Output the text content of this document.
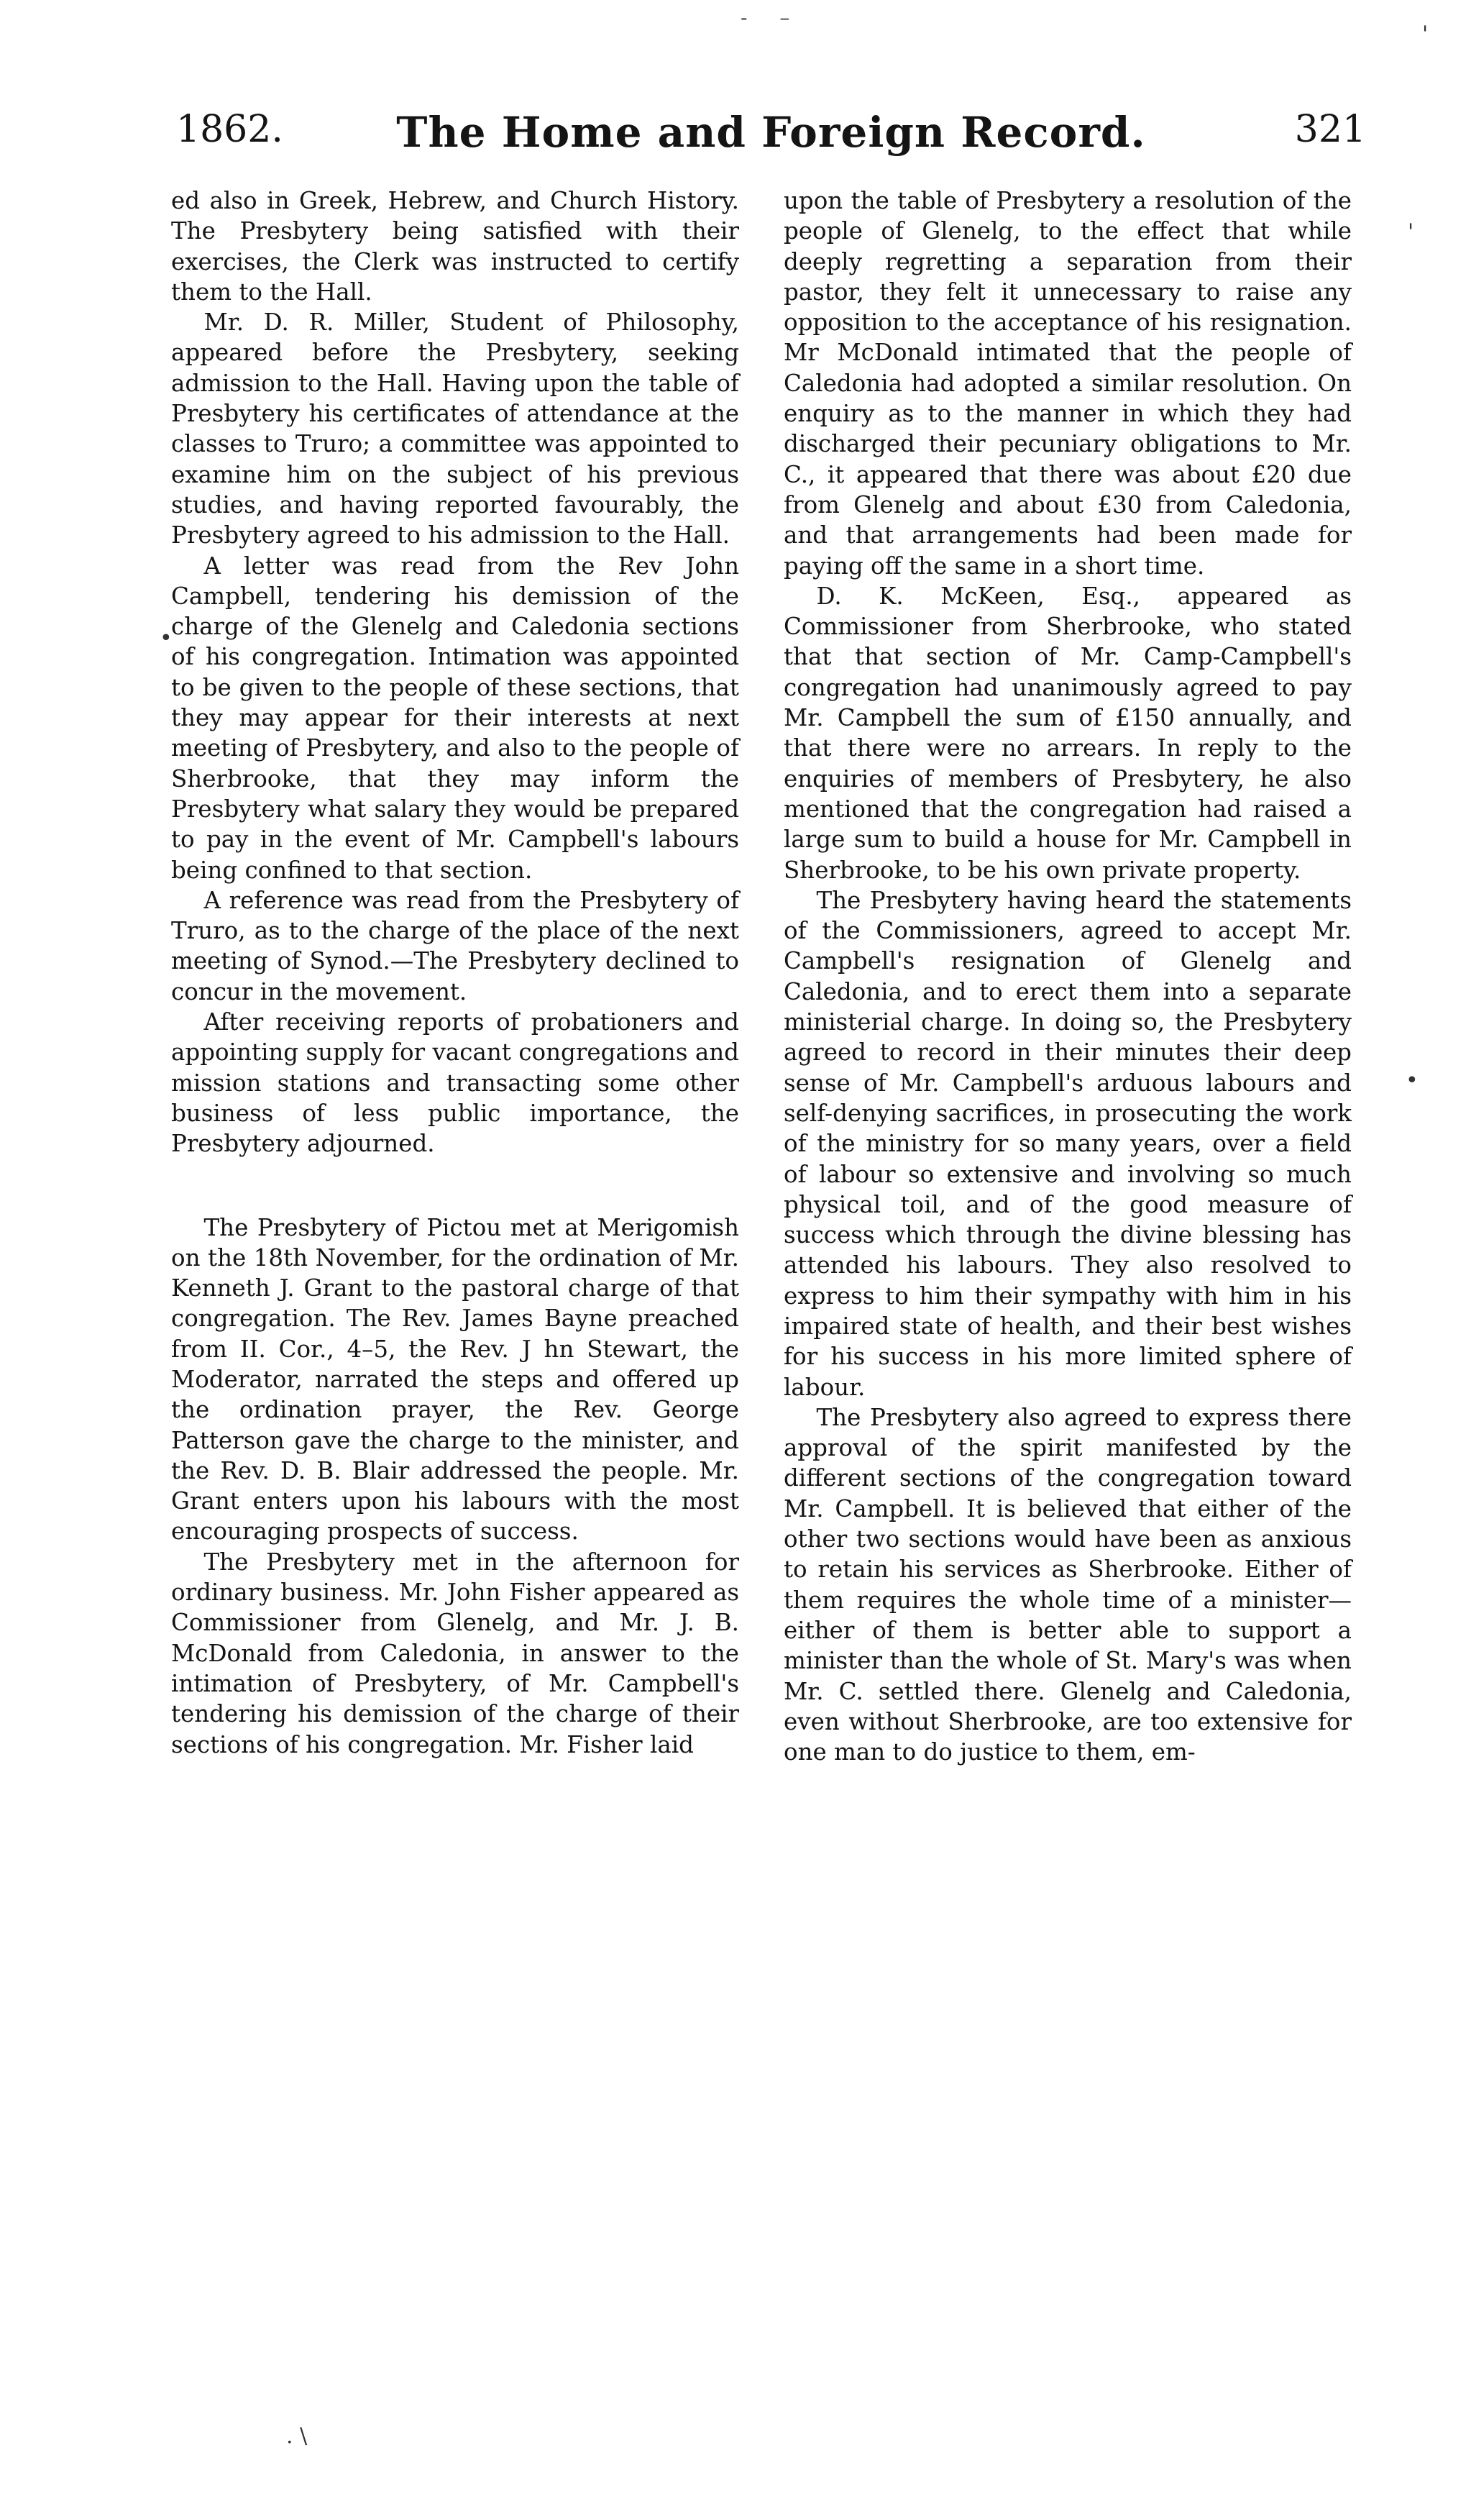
- –
1862.	The Home and Foreign Record.	321

ed also in Greek, Hebrew, and Church History. The Presbytery being satisfied with their exercises, the Clerk was instructed to certify them to the Hall.

Mr. D. R. Miller, Student of Philosophy, appeared before the Presbytery, seeking admission to the Hall. Having upon the table of Presbytery his certificates of attendance at the classes to Truro; a committee was appointed to examine him on the subject of his previous studies, and having reported favourably, the Presbytery agreed to his admission to the Hall.

A letter was read from the Rev John Campbell, tendering his demission of the charge of the Glenelg and Caledonia sections of his congregation. Intimation was appointed to be given to the people of these sections, that they may appear for their interests at next meeting of Presbytery, and also to the people of Sherbrooke, that they may inform the Presbytery what salary they would be prepared to pay in the event of Mr. Campbell's labours being confined to that section.

A reference was read from the Presbytery of Truro, as to the charge of the place of the next meeting of Synod.—The Presbytery declined to concur in the movement.

After receiving reports of probationers and appointing supply for vacant congregations and mission stations and transacting some other business of less public importance, the Presbytery adjourned.

The Presbytery of Pictou met at Merigomish on the 18th November, for the ordination of Mr. Kenneth J. Grant to the pastoral charge of that congregation. The Rev. James Bayne preached from II. Cor., 4–5, the Rev. J hn Stewart, the Moderator, narrated the steps and offered up the ordination prayer, the Rev. George Patterson gave the charge to the minister, and the Rev. D. B. Blair addressed the people. Mr. Grant enters upon his labours with the most encouraging prospects of success.

The Presbytery met in the afternoon for ordinary business. Mr. John Fisher appeared as Commissioner from Glenelg, and Mr. J. B. McDonald from Caledonia, in answer to the intimation of Presbytery, of Mr. Campbell's tendering his demission of the charge of their sections of his congregation. Mr. Fisher laid

upon the table of Presbytery a resolution of the people of Glenelg, to the effect that while deeply regretting a separation from their pastor, they felt it unnecessary to raise any opposition to the acceptance of his resignation. Mr McDonald intimated that the people of Caledonia had adopted a similar resolution. On enquiry as to the manner in which they had discharged their pecuniary obligations to Mr. C., it appeared that there was about £20 due from Glenelg and about £30 from Caledonia, and that arrangements had been made for paying off the same in a short time.

D. K. McKeen, Esq., appeared as Commissioner from Sherbrooke, who stated that that section of Mr. Camp-Campbell's congregation had unanimously agreed to pay Mr. Campbell the sum of £150 annually, and that there were no arrears. In reply to the enquiries of members of Presbytery, he also mentioned that the congregation had raised a large sum to build a house for Mr. Campbell in Sherbrooke, to be his own private property.

The Presbytery having heard the statements of the Commissioners, agreed to accept Mr. Campbell's resignation of Glenelg and Caledonia, and to erect them into a separate ministerial charge. In doing so, the Presbytery agreed to record in their minutes their deep sense of Mr. Campbell's arduous labours and self-denying sacrifices, in prosecuting the work of the ministry for so many years, over a field of labour so extensive and involving so much physical toil, and of the good measure of success which through the divine blessing has attended his labours. They also resolved to express to him their sympathy with him in his impaired state of health, and their best wishes for his success in his more limited sphere of labour.

The Presbytery also agreed to express there approval of the spirit manifested by the different sections of the congregation toward Mr. Campbell. It is believed that either of the other two sections would have been as anxious to retain his services as Sherbrooke. Either of them requires the whole time of a minister—either of them is better able to support a minister than the whole of St. Mary's was when Mr. C. settled there. Glenelg and Caledonia, even without Sherbrooke, are too extensive for one man to do justice to them, em-

'
'
•
•
. \
